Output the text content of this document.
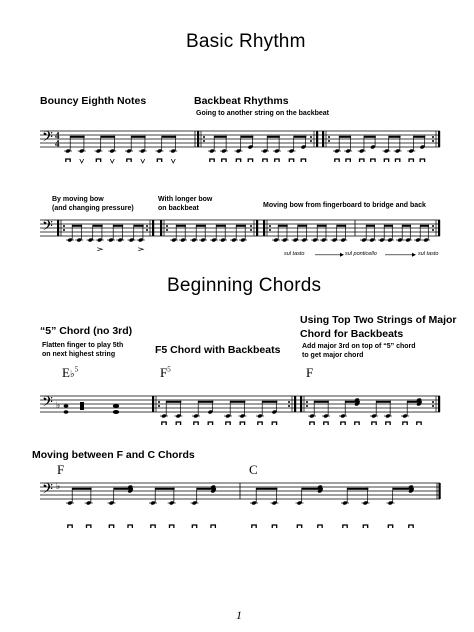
Basic Rhythm
Beginning Chords
Bouncy Eighth Notes	Backbeat Rhythms
Going to another string on the backbeat
By moving bow
(and changing pressure)
With longer bow
on backbeat	Moving bow from fingerboard to bridge and back
sul tasto	sul ponticello	sul tasto
“5” Chord (no 3rd)
Flatten finger to play 5th
on next highest string	F5 Chord with Backbeats
Using Top Two Strings of Major
Chord for Backbeats
Add major 3rd on top of “5” chord
to get major chord
E♭$^5$	$F^5$	F
Moving between F and C Chords
F	C
1
𝄢 4
4
𝄢
𝄢 ♭
𝄢 ♭
